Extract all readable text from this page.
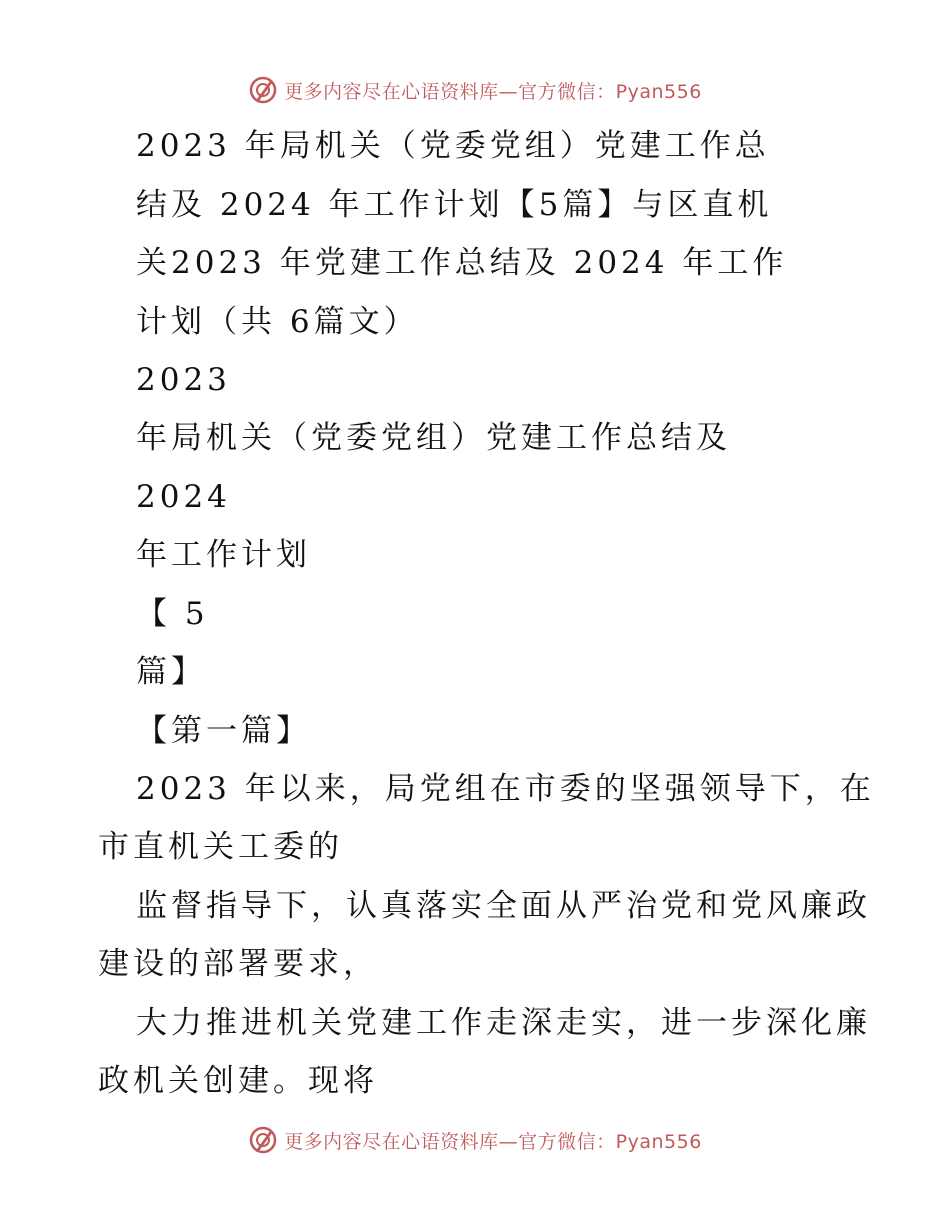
更多内容尽在心语资料库—官方微信：Pyan556
2023 年局机关（党委党组）党建工作总
结及 2024 年工作计划【5篇】与区直机
关2023 年党建工作总结及 2024 年工作
计划（共 6篇文）
2023
年局机关（党委党组）党建工作总结及
2024
年工作计划
【 5
篇】
【第一篇】
2023 年以来，局党组在市委的坚强领导下，在
市直机关工委的
监督指导下，认真落实全面从严治党和党风廉政
建设的部署要求，
大力推进机关党建工作走深走实，进一步深化廉
政机关创建。现将
更多内容尽在心语资料库—官方微信：Pyan556
